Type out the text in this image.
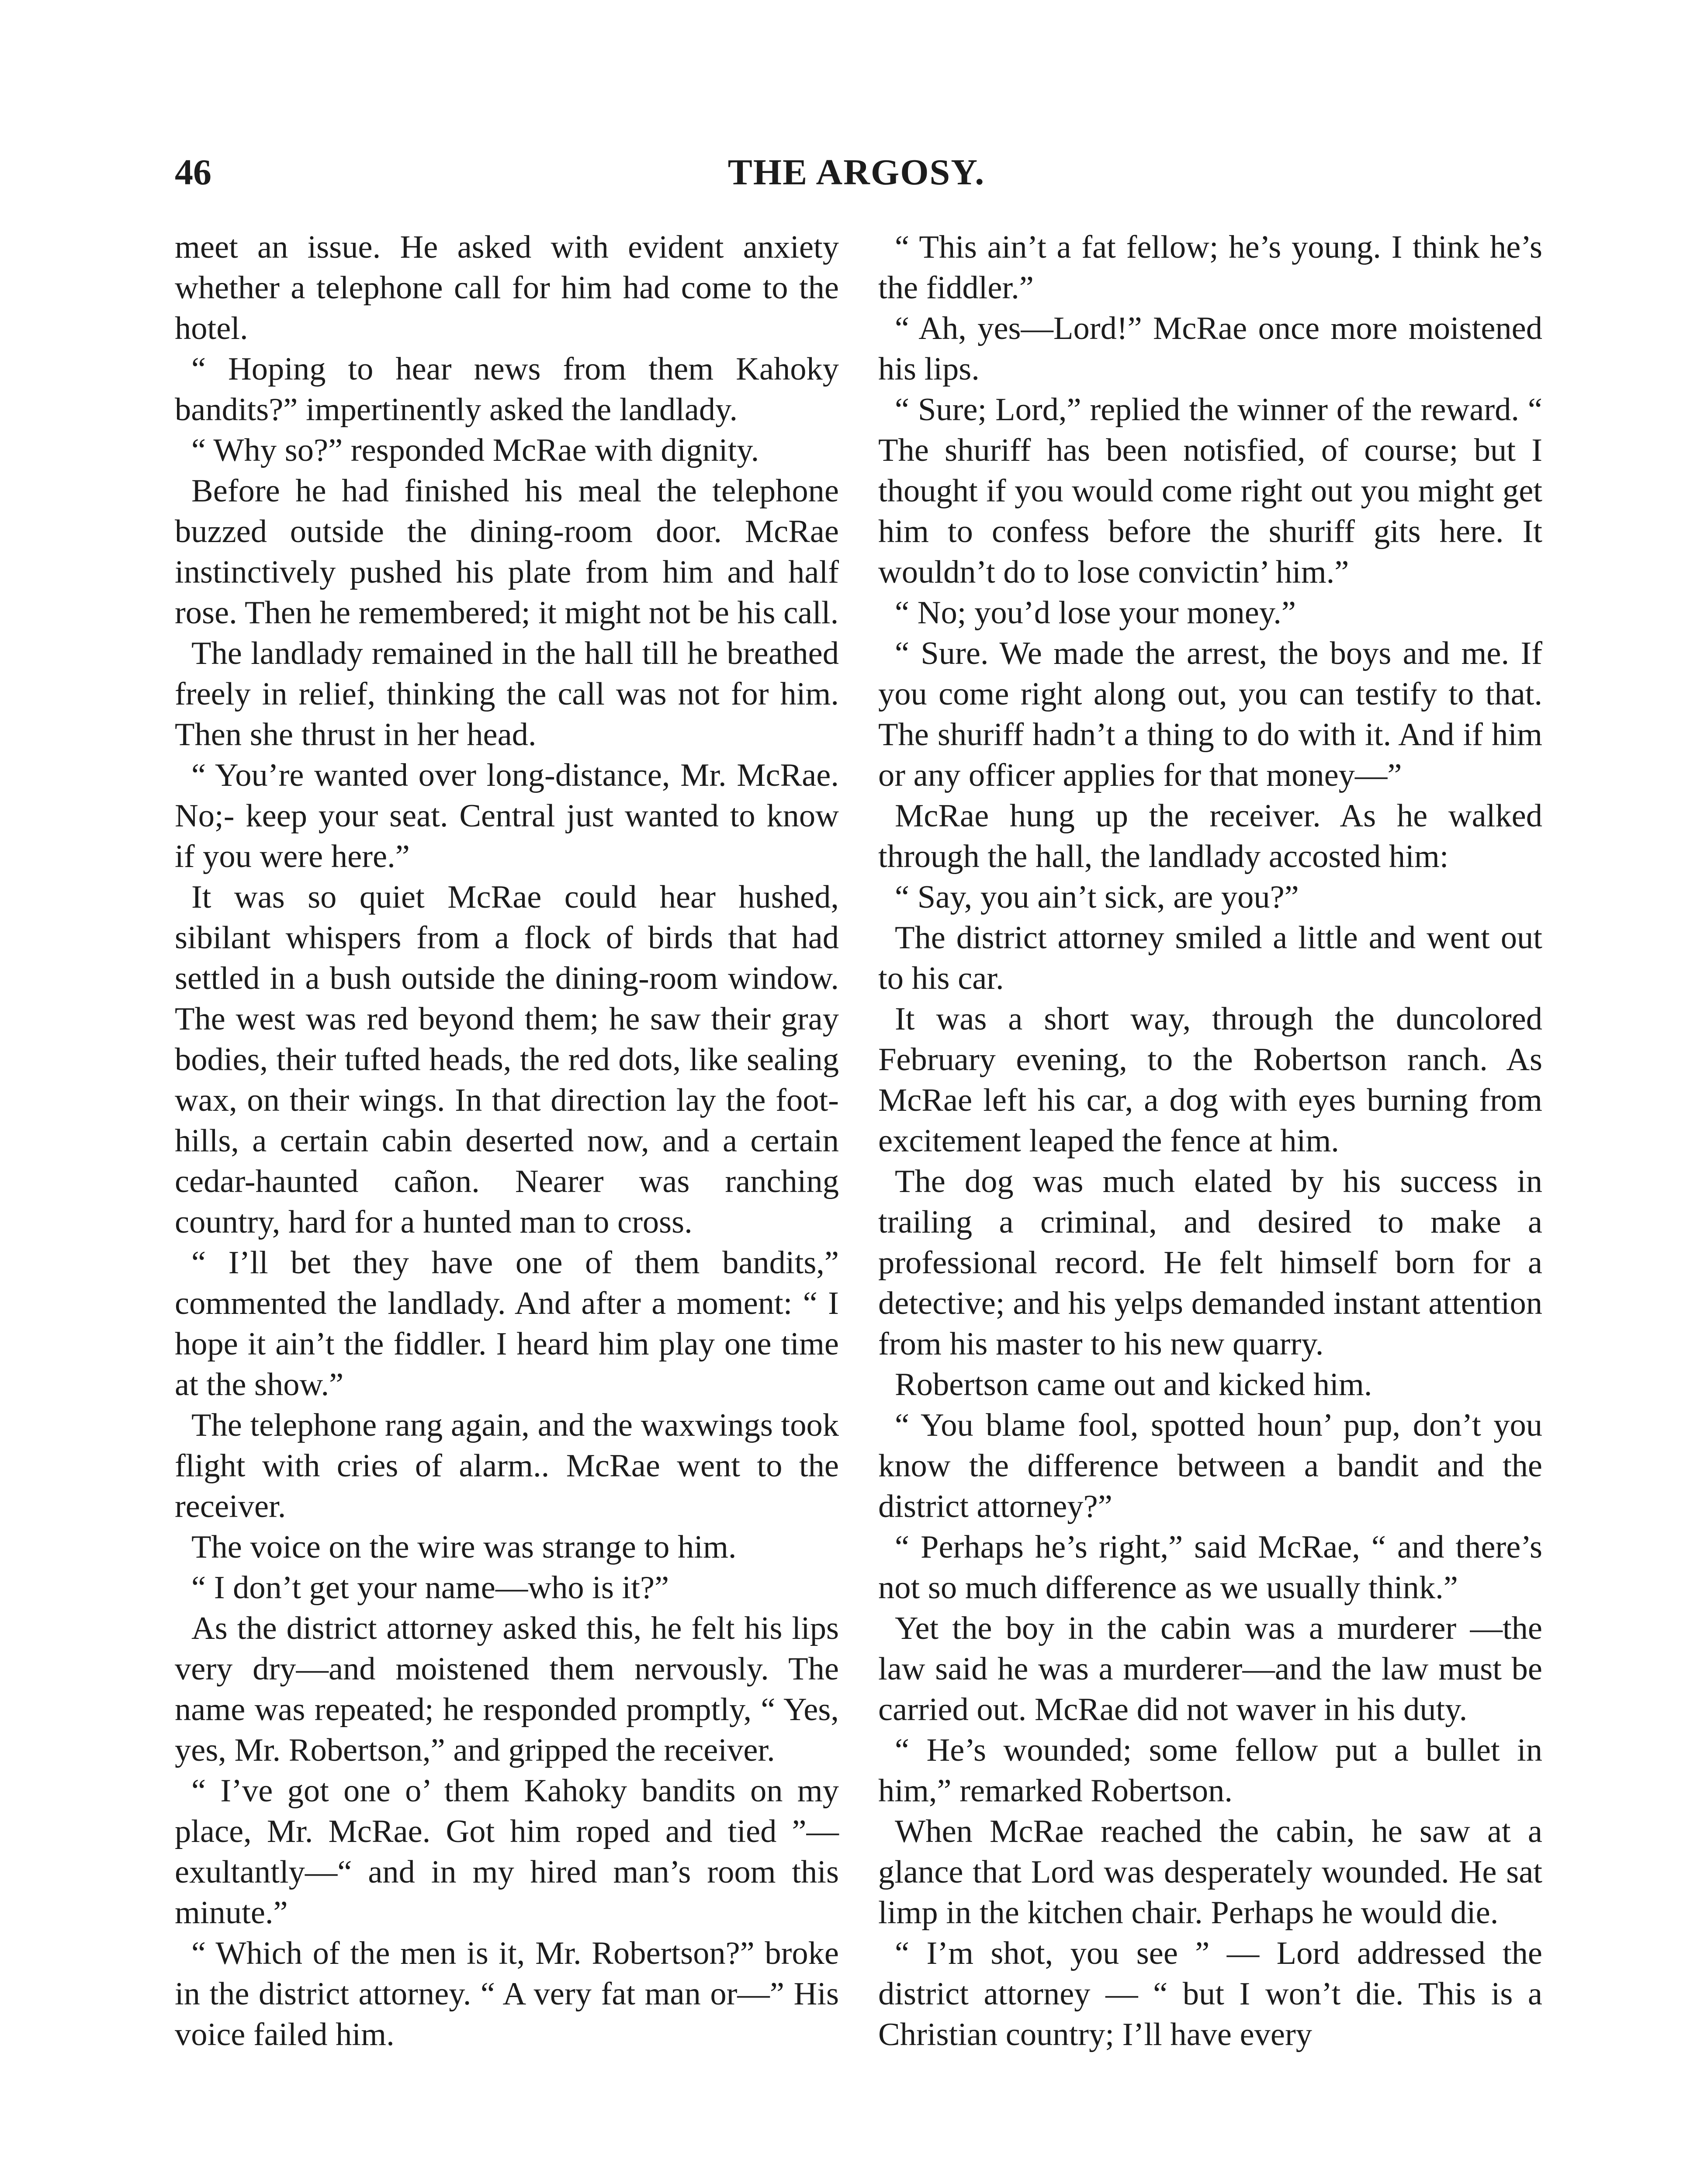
46	THE ARGOSY.

meet an issue. He asked with evident anxiety whether a telephone call for him had come to the hotel.

“ Hoping to hear news from them Kahoky bandits?” impertinently asked the landlady.

“ Why so?” responded McRae with dignity.

Before he had finished his meal the telephone buzzed outside the dining-room door. McRae instinctively pushed his plate from him and half rose. Then he remembered; it might not be his call.

The landlady remained in the hall till he breathed freely in relief, thinking the call was not for him. Then she thrust in her head.

“ You’re wanted over long-distance, Mr. McRae. No;- keep your seat. Central just wanted to know if you were here.”

It was so quiet McRae could hear hushed, sibilant whispers from a flock of birds that had settled in a bush outside the dining-room window. The west was red beyond them; he saw their gray bodies, their tufted heads, the red dots, like sealing wax, on their wings. In that direction lay the foot-hills, a certain cabin deserted now, and a certain cedar-haunted cañon. Nearer was ranching country, hard for a hunted man to cross.

“ I’ll bet they have one of them bandits,” commented the landlady. And after a moment: “ I hope it ain’t the fiddler. I heard him play one time at the show.”

The telephone rang again, and the waxwings took flight with cries of alarm.. McRae went to the receiver.

The voice on the wire was strange to him.

“ I don’t get your name—who is it?”

As the district attorney asked this, he felt his lips very dry—and moistened them nervously. The name was repeated; he responded promptly, “ Yes, yes, Mr. Robertson,” and gripped the receiver.

“ I’ve got one o’ them Kahoky bandits on my place, Mr. McRae. Got him roped and tied ”—exultantly—“ and in my hired man’s room this minute.”

“ Which of the men is it, Mr. Robertson?” broke in the district attorney. “ A very fat man or—” His voice failed him.

“ This ain’t a fat fellow; he’s young. I think he’s the fiddler.”

“ Ah, yes—Lord!” McRae once more moistened his lips.

“ Sure; Lord,” replied the winner of the reward. “ The shuriff has been notisfied, of course; but I thought if you would come right out you might get him to confess before the shuriff gits here. It wouldn’t do to lose convictin’ him.”

“ No; you’d lose your money.”

“ Sure. We made the arrest, the boys and me. If you come right along out, you can testify to that. The shuriff hadn’t a thing to do with it. And if him or any officer applies for that money—”

McRae hung up the receiver. As he walked through the hall, the landlady accosted him:

“ Say, you ain’t sick, are you?”

The district attorney smiled a little and went out to his car.

It was a short way, through the duncolored February evening, to the Robertson ranch. As McRae left his car, a dog with eyes burning from excitement leaped the fence at him.

The dog was much elated by his success in trailing a criminal, and desired to make a professional record. He felt himself born for a detective; and his yelps demanded instant attention from his master to his new quarry.

Robertson came out and kicked him.

“ You blame fool, spotted houn’ pup, don’t you know the difference between a bandit and the district attorney?”

“ Perhaps he’s right,” said McRae, “ and there’s not so much difference as we usually think.”

Yet the boy in the cabin was a murderer —the law said he was a murderer—and the law must be carried out. McRae did not waver in his duty.

“ He’s wounded; some fellow put a bullet in him,” remarked Robertson.

When McRae reached the cabin, he saw at a glance that Lord was desperately wounded. He sat limp in the kitchen chair. Perhaps he would die.

“ I’m shot, you see ” — Lord addressed the district attorney — “ but I won’t die. This is a Christian country; I’ll have every
